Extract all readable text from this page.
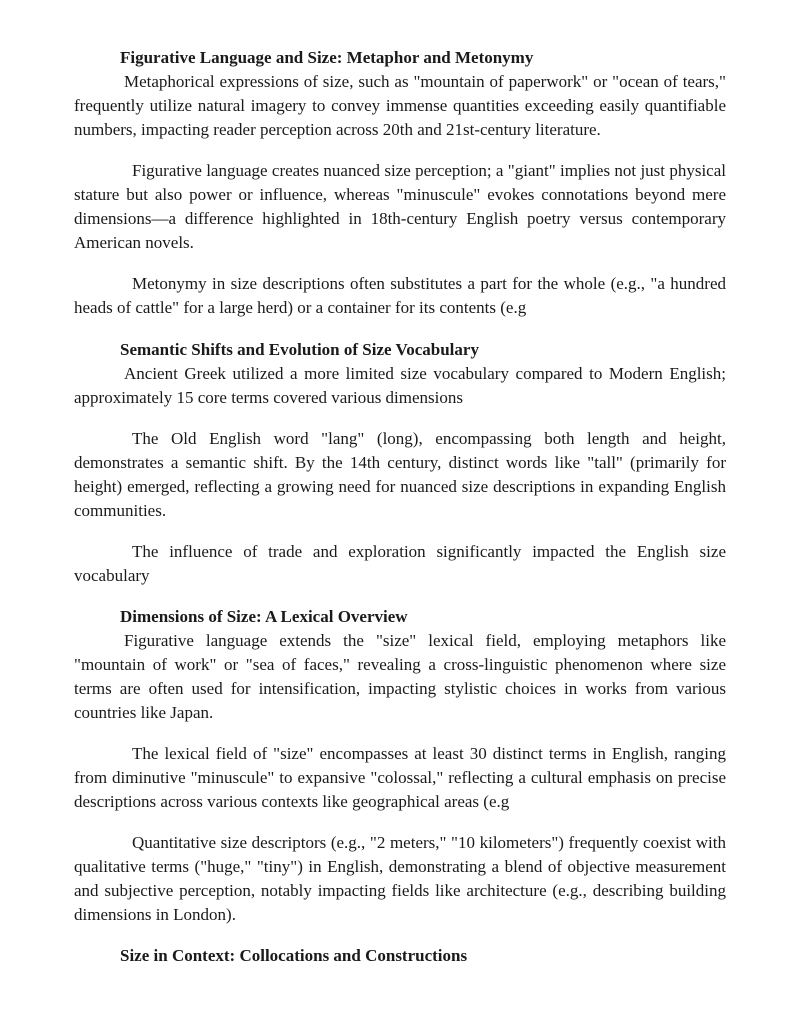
Figurative Language and Size: Metaphor and Metonymy

Metaphorical expressions of size, such as "mountain of paperwork" or "ocean of tears," frequently utilize natural imagery to convey immense quantities exceeding easily quantifiable numbers, impacting reader perception across 20th and 21st-century literature.

Figurative language creates nuanced size perception; a "giant" implies not just physical stature but also power or influence, whereas "minuscule" evokes connotations beyond mere dimensions—a difference highlighted in 18th-century English poetry versus contemporary American novels.

Metonymy in size descriptions often substitutes a part for the whole (e.g., "a hundred heads of cattle" for a large herd) or a container for its contents (e.g

Semantic Shifts and Evolution of Size Vocabulary

Ancient Greek utilized a more limited size vocabulary compared to Modern English; approximately 15 core terms covered various dimensions

The Old English word "lang" (long), encompassing both length and height, demonstrates a semantic shift. By the 14th century, distinct words like "tall" (primarily for height) emerged, reflecting a growing need for nuanced size descriptions in expanding English communities.

The influence of trade and exploration significantly impacted the English size vocabulary

Dimensions of Size: A Lexical Overview

Figurative language extends the "size" lexical field, employing metaphors like "mountain of work" or "sea of faces," revealing a cross-linguistic phenomenon where size terms are often used for intensification, impacting stylistic choices in works from various countries like Japan.

The lexical field of "size" encompasses at least 30 distinct terms in English, ranging from diminutive "minuscule" to expansive "colossal," reflecting a cultural emphasis on precise descriptions across various contexts like geographical areas (e.g

Quantitative size descriptors (e.g., "2 meters," "10 kilometers") frequently coexist with qualitative terms ("huge," "tiny") in English, demonstrating a blend of objective measurement and subjective perception, notably impacting fields like architecture (e.g., describing building dimensions in London).

Size in Context: Collocations and Constructions
